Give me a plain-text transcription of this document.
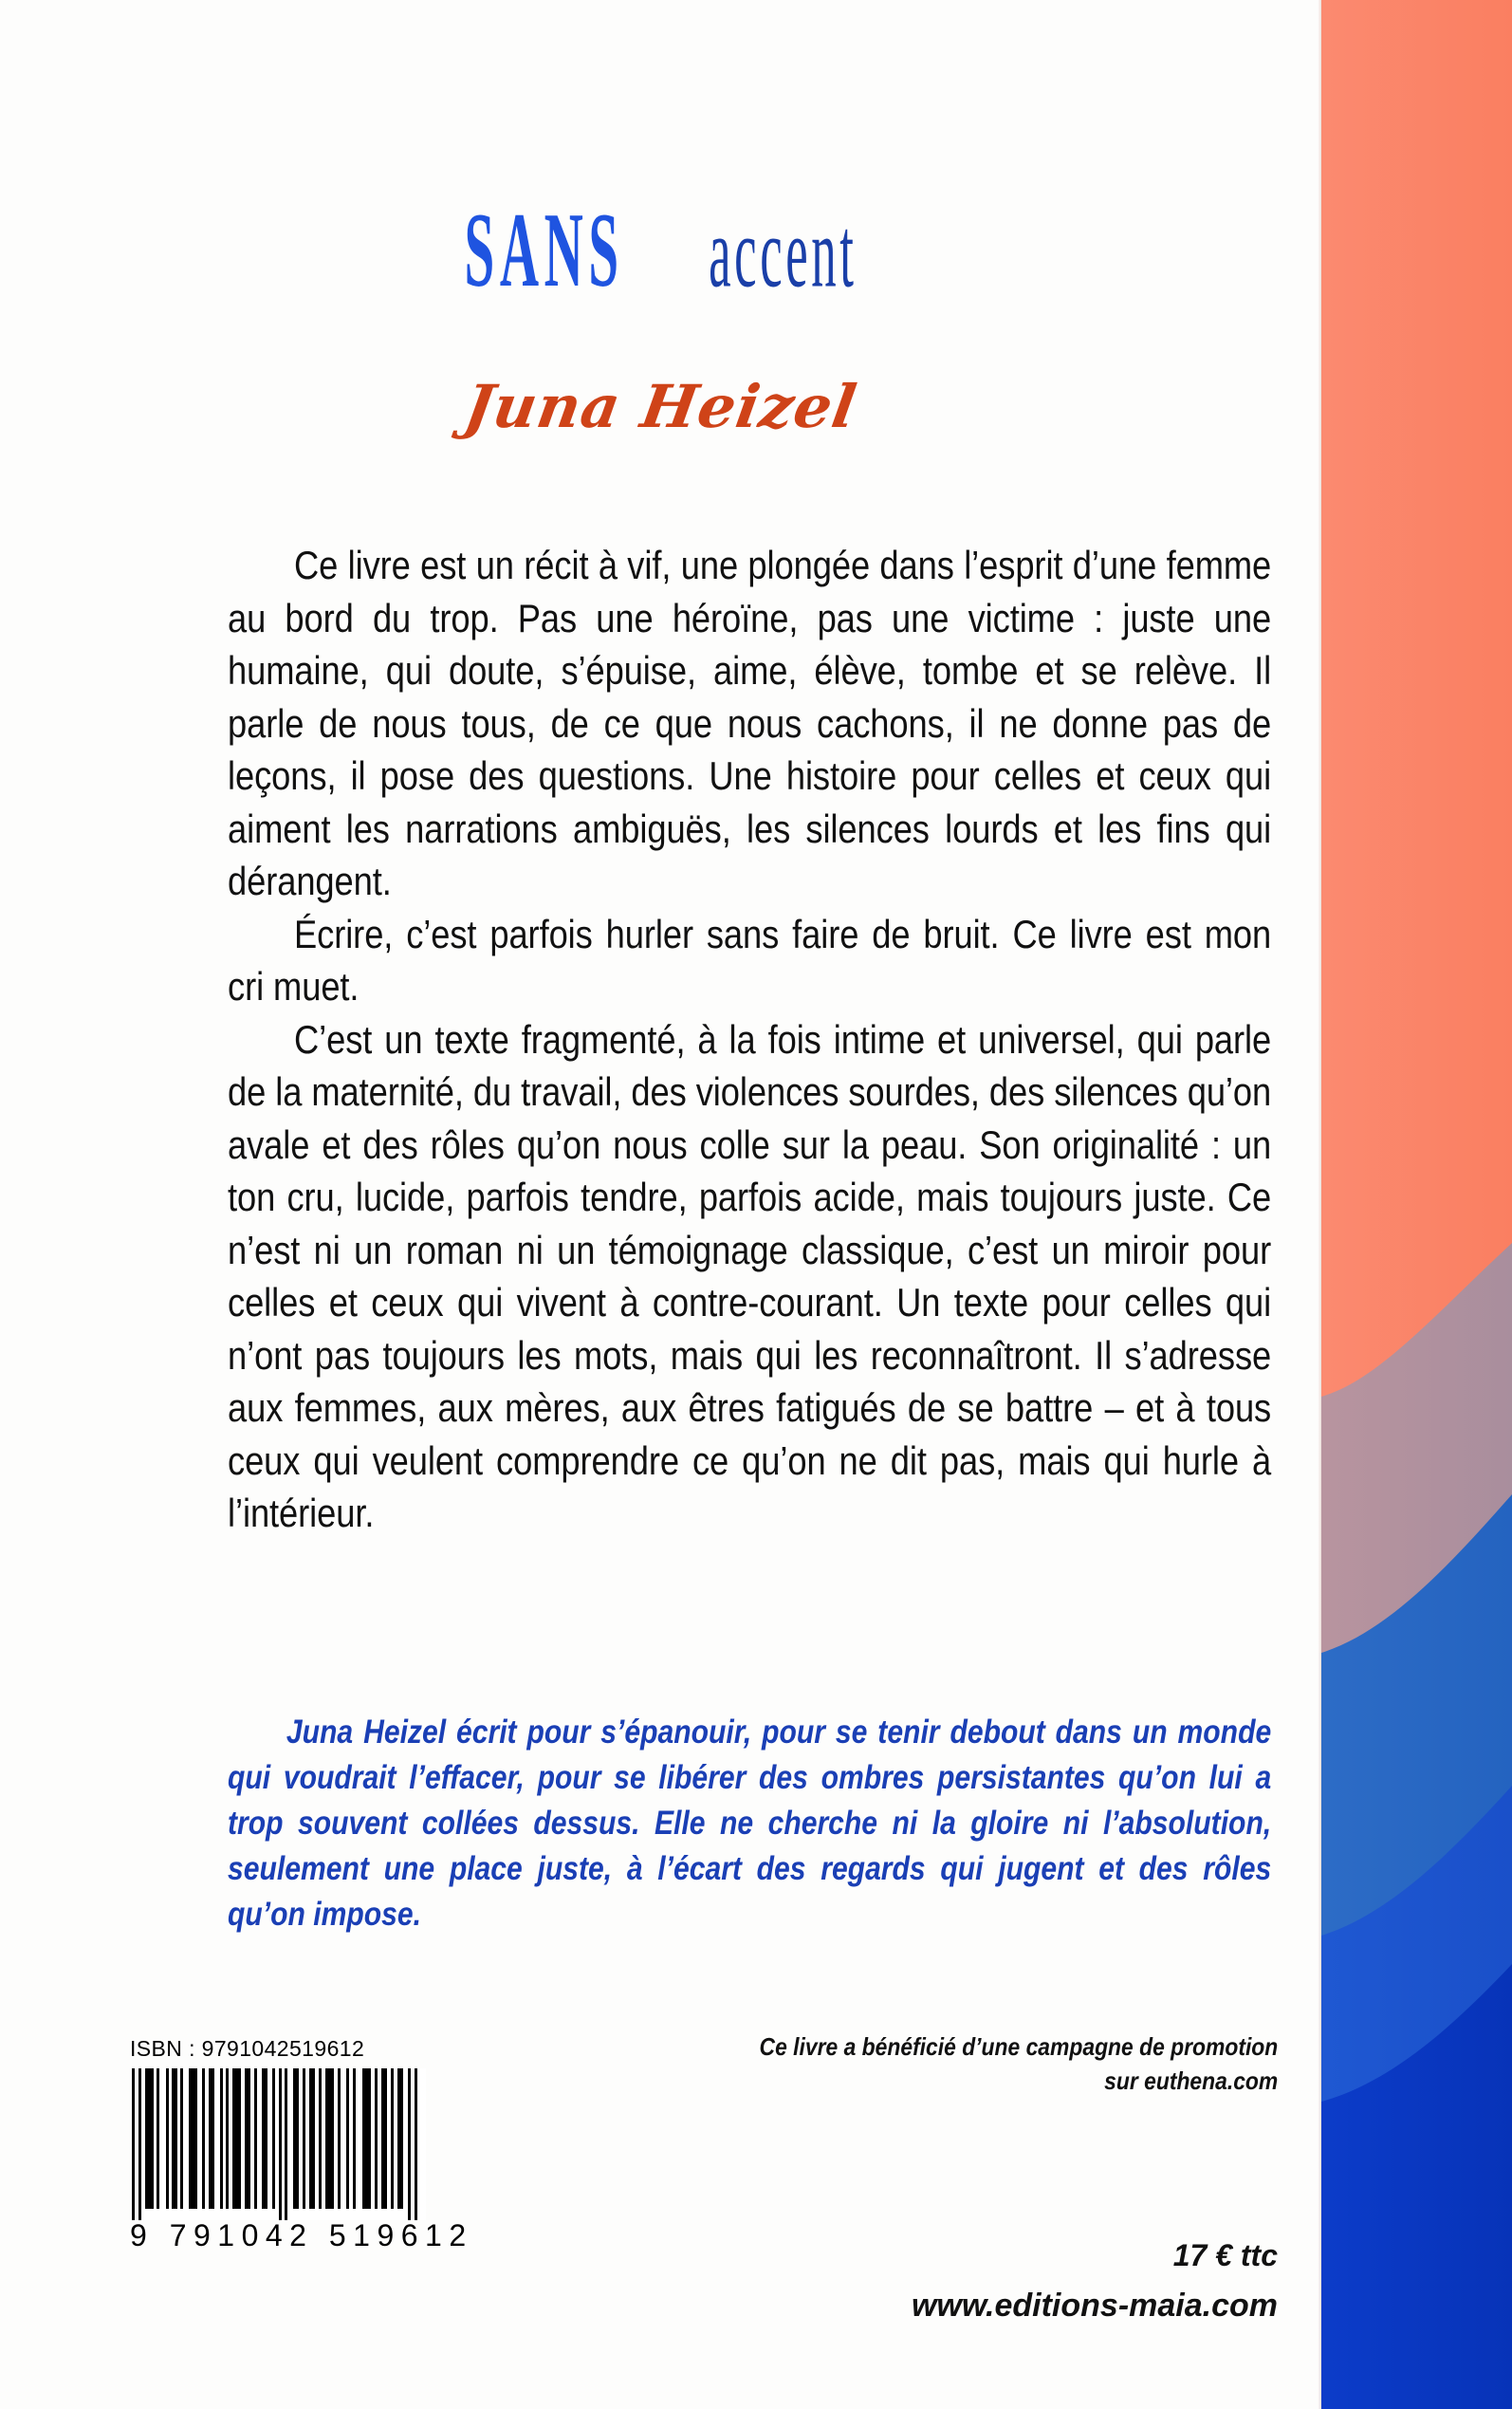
SANS accent
Juna Heizel

Ce livre est un récit à vif, une plongée dans l’esprit d’une femme au bord du trop. Pas une héroïne, pas une victime : juste une humaine, qui doute, s’épuise, aime, élève, tombe et se relève. Il parle de nous tous, de ce que nous cachons, il ne donne pas de leçons, il pose des questions. Une histoire pour celles et ceux qui aiment les narrations ambiguës, les silences lourds et les fins qui dérangent.

Écrire, c’est parfois hurler sans faire de bruit. Ce livre est mon cri muet.

C’est un texte fragmenté, à la fois intime et universel, qui parle de la maternité, du travail, des violences sourdes, des silences qu’on avale et des rôles qu’on nous colle sur la peau. Son originalité : un ton cru, lucide, parfois tendre, parfois acide, mais toujours juste. Ce n’est ni un roman ni un témoignage classique, c’est un miroir pour celles et ceux qui vivent à contre-courant. Un texte pour celles qui n’ont pas toujours les mots, mais qui les reconnaîtront. Il s’adresse aux femmes, aux mères, aux êtres fatigués de se battre – et à tous ceux qui veulent comprendre ce qu’on ne dit pas, mais qui hurle à l’intérieur.

Juna Heizel écrit pour s’épanouir, pour se tenir debout dans un monde qui voudrait l’effacer, pour se libérer des ombres persistantes qu’on lui a trop souvent collées dessus. Elle ne cherche ni la gloire ni l’absolution, seulement une place juste, à l’écart des regards qui jugent et des rôles qu’on impose.

ISBN : 9791042519612
9 791042 519612
Ce livre a bénéficié d’une campagne de promotion
sur euthena.com
17 € ttc
www.editions-maia.com
